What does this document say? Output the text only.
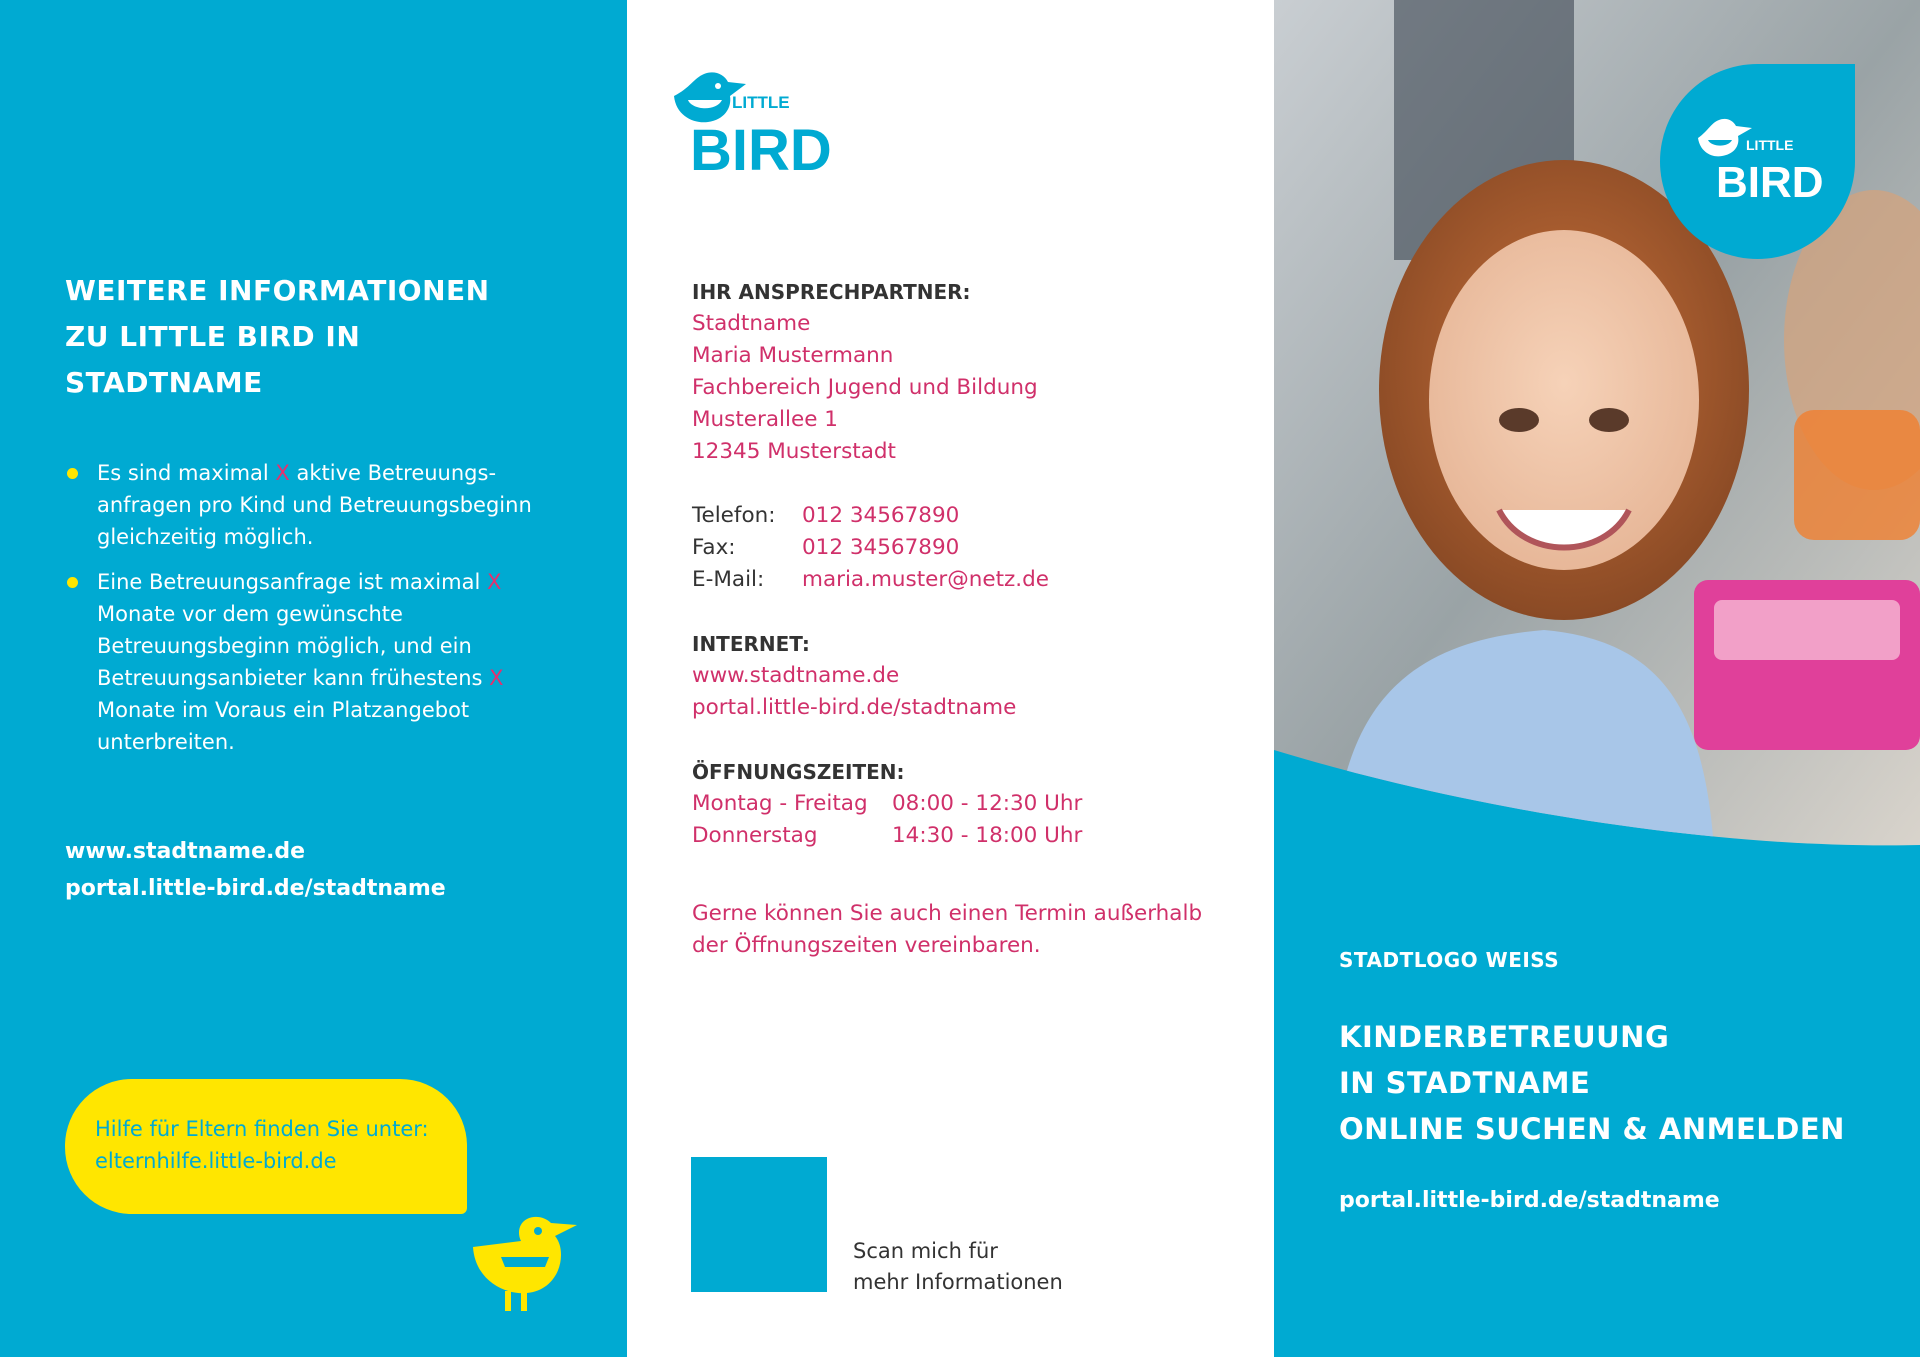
WEITERE INFORMATIONEN
ZU LITTLE BIRD IN
STADTNAME
Es sind maximal X aktive Betreuungs-anfragen pro Kind und Betreuungsbeginn gleichzeitig möglich.
Eine Betreuungsanfrage ist maximal X Monate vor dem gewünschte Betreuungsbeginn möglich, und ein Betreuungsanbieter kann frühestens X Monate im Voraus ein Platzangebot unterbreiten.
www.stadtname.de
portal.little-bird.de/stadtname
Hilfe für Eltern finden Sie unter:
elternhilfe.little-bird.de
LITTLE
BIRD
IHR ANSPRECHPARTNER:
Stadtname
Maria Mustermann
Fachbereich Jugend und Bildung
Musterallee 1
12345 Musterstadt
Telefon:	012 34567890
Fax:	012 34567890
E-Mail:	maria.muster@netz.de
INTERNET:
www.stadtname.de
portal.little-bird.de/stadtname
ÖFFNUNGSZEITEN:
Montag - Freitag	08:00 - 12:30 Uhr
Donnerstag	14:30 - 18:00 Uhr
Gerne können Sie auch einen Termin außerhalb
der Öffnungszeiten vereinbaren.
Scan mich für
mehr Informationen
LITTLE
BIRD
STADTLOGO WEISS
KINDERBETREUUNG
IN STADTNAME
ONLINE SUCHEN & ANMELDEN
portal.little-bird.de/stadtname
